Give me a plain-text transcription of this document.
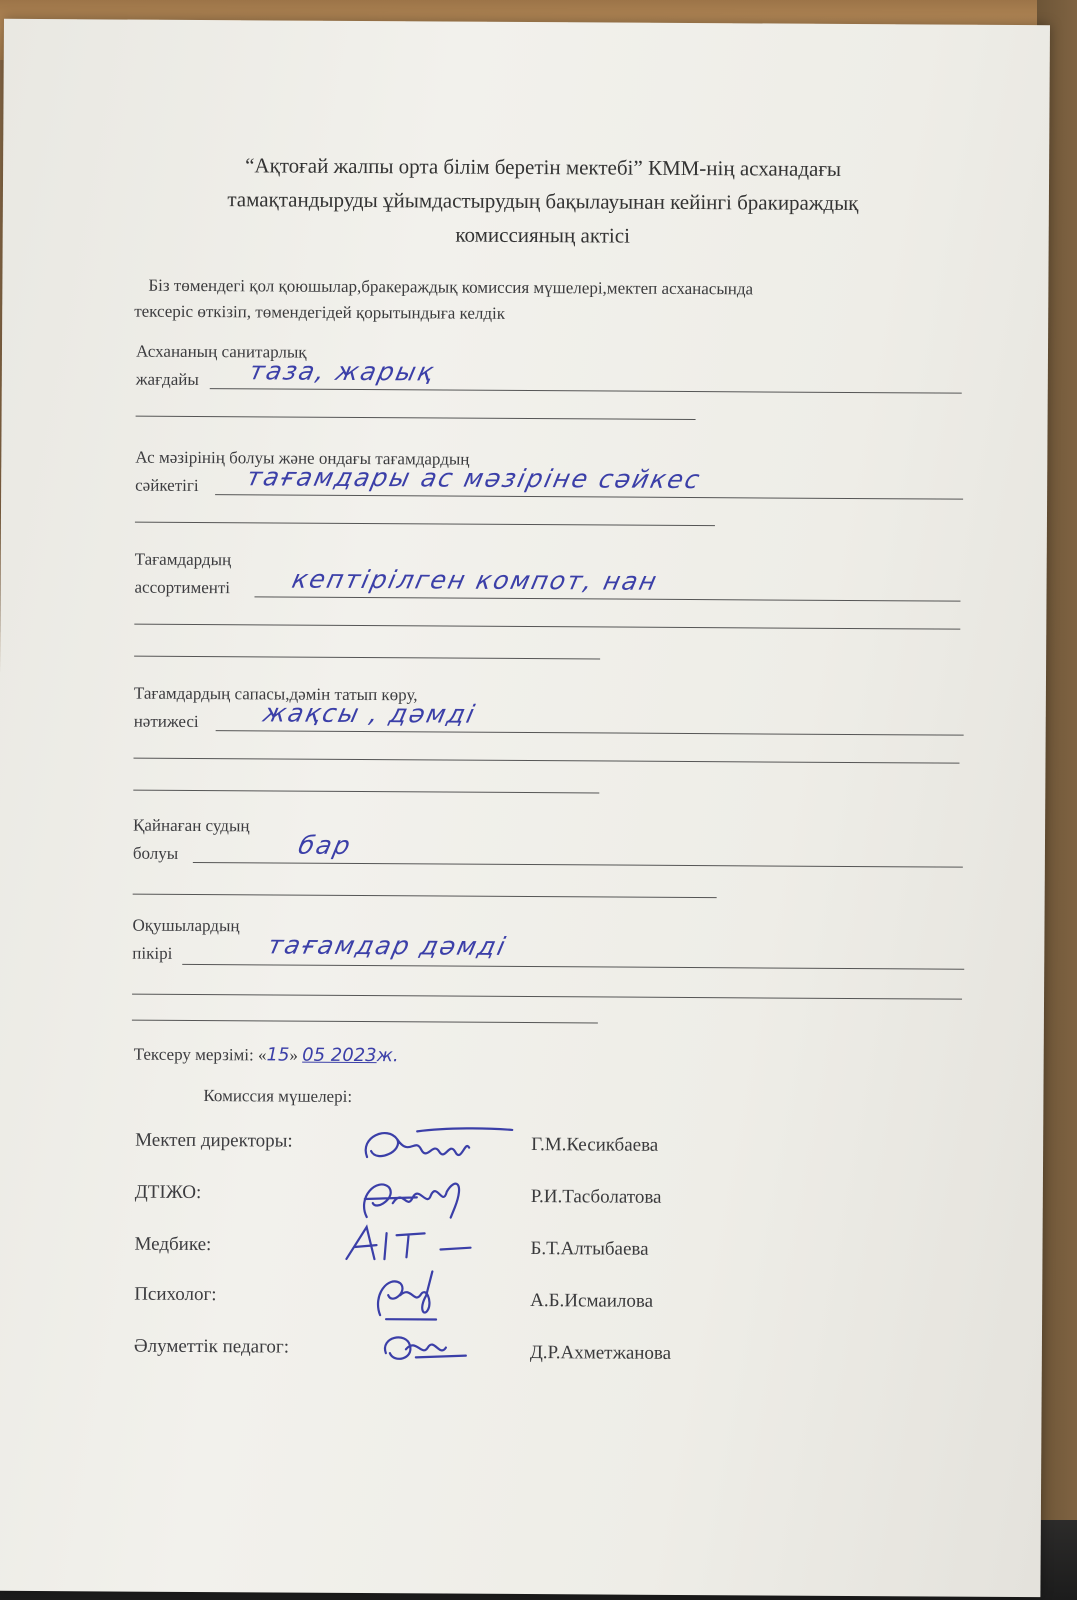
“Ақтоғай жалпы орта білім беретін мектебі” КММ-нің асханадағы
тамақтандыруды ұйымдастырудың бақылауынан кейінгі бракираждық
комиссияның актісі
Біз төмендегі қол қоюшылар,бракераждық комиссия мүшелері,мектеп асханасында
тексеріс өткізіп, төмендегідей қорытындыға келдік
Асхананың санитарлық
жағдайы таза, жарық
Ас мәзірінің болуы және ондағы тағамдардың
сәйкетігі тағамдары ас мәзіріне сәйкес
Тағамдардың
ассортименті кептірілген компот, нан
Тағамдардың сапасы,дәмін татып көру,
нәтижесі жақсы , дәмді
Қайнаған судың
болуы	бар
Оқушылардың
пікірі	тағамдар дәмді
Тексеру мерзімі: «15» 05 2023ж.
Комиссия мүшелері:
Мектеп директоры:	Г.М.Кесикбаева
ДТІЖО:	Р.И.Тасболатова
Медбике:	Б.Т.Алтыбаева
Психолог:	А.Б.Исмаилова
Әлуметтік педагог:	Д.Р.Ахметжанова
